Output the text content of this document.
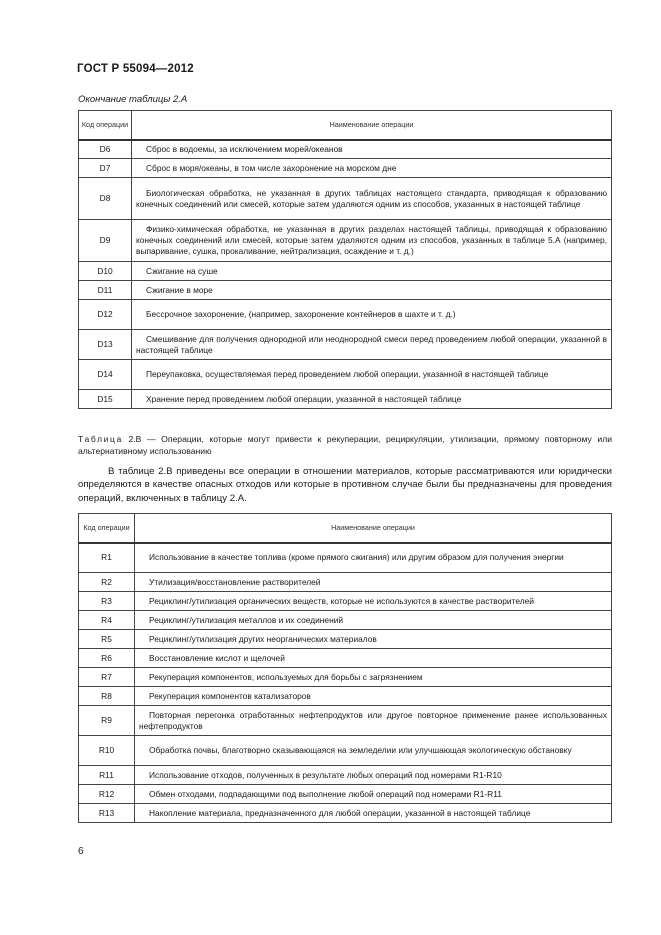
ГОСТ Р 55094—2012
Окончание таблицы 2.А
Код операции	Наименование операции
D6	Сброс в водоемы, за исключением морей/океанов
D7	Сброс в моря/океаны, в том числе захоронение на морском дне
D8	Биологическая обработка, не указанная в других таблицах настоящего стандарта, приводящая к образованию конечных соединений или смесей, которые затем удаляются одним из способов, указанных в настоящей таблице
D9	Физико-химическая обработка, не указанная в других разделах настоящей таблицы, приводящая к образованию конечных соединений или смесей, которые затем удаляются одним из способов, указанных в таблице 5.А (например, выпаривание, сушка, прокаливание, нейтрализация, осаждение и т. д.)
D10	Сжигание на суше
D11	Сжигание в море
D12	Бессрочное захоронение, (например, захоронение контейнеров в шахте и т. д.)
D13	Смешивание для получения однородной или неоднородной смеси перед проведением любой операции, указанной в настоящей таблице
D14	Переупаковка, осуществляемая перед проведением любой операции, указанной в настоящей таблице
D15	Хранение перед проведением любой операции, указанной в настоящей таблице
Таблица 2.В — Операции, которые могут привести к рекуперации, рециркуляции, утилизации, прямому повторному или альтернативному использованию
В таблице 2.В приведены все операции в отношении материалов, которые рассматриваются или юридически определяются в качестве опасных отходов или которые в противном случае были бы предназначены для проведения операций, включенных в таблицу 2.А.
Код операции	Наименование операции
R1	Использование в качестве топлива (кроме прямого сжигания) или другим образом для получения энергии
R2	Утилизация/восстановление растворителей
R3	Рециклинг/утилизация органических веществ, которые не используются в качестве растворителей
R4	Рециклинг/утилизация металлов и их соединений
R5	Рециклинг/утилизация других неорганических материалов
R6	Восстановление кислот и щелочей
R7	Рекуперация компонентов, используемых для борьбы с загрязнением
R8	Рекуперация компонентов катализаторов
R9	Повторная перегонка отработанных нефтепродуктов или другое повторное применение ранее использованных нефтепродуктов
R10	Обработка почвы, благотворно сказывающаяся на земледелии или улучшающая экологическую обстановку
R11	Использование отходов, полученных в результате любых операций под номерами R1-R10
R12	Обмен отходами, подпадающими под выполнение любой операций под номерами R1-R11
R13	Накопление материала, предназначенного для любой операции, указанной в настоящей таблице
6
